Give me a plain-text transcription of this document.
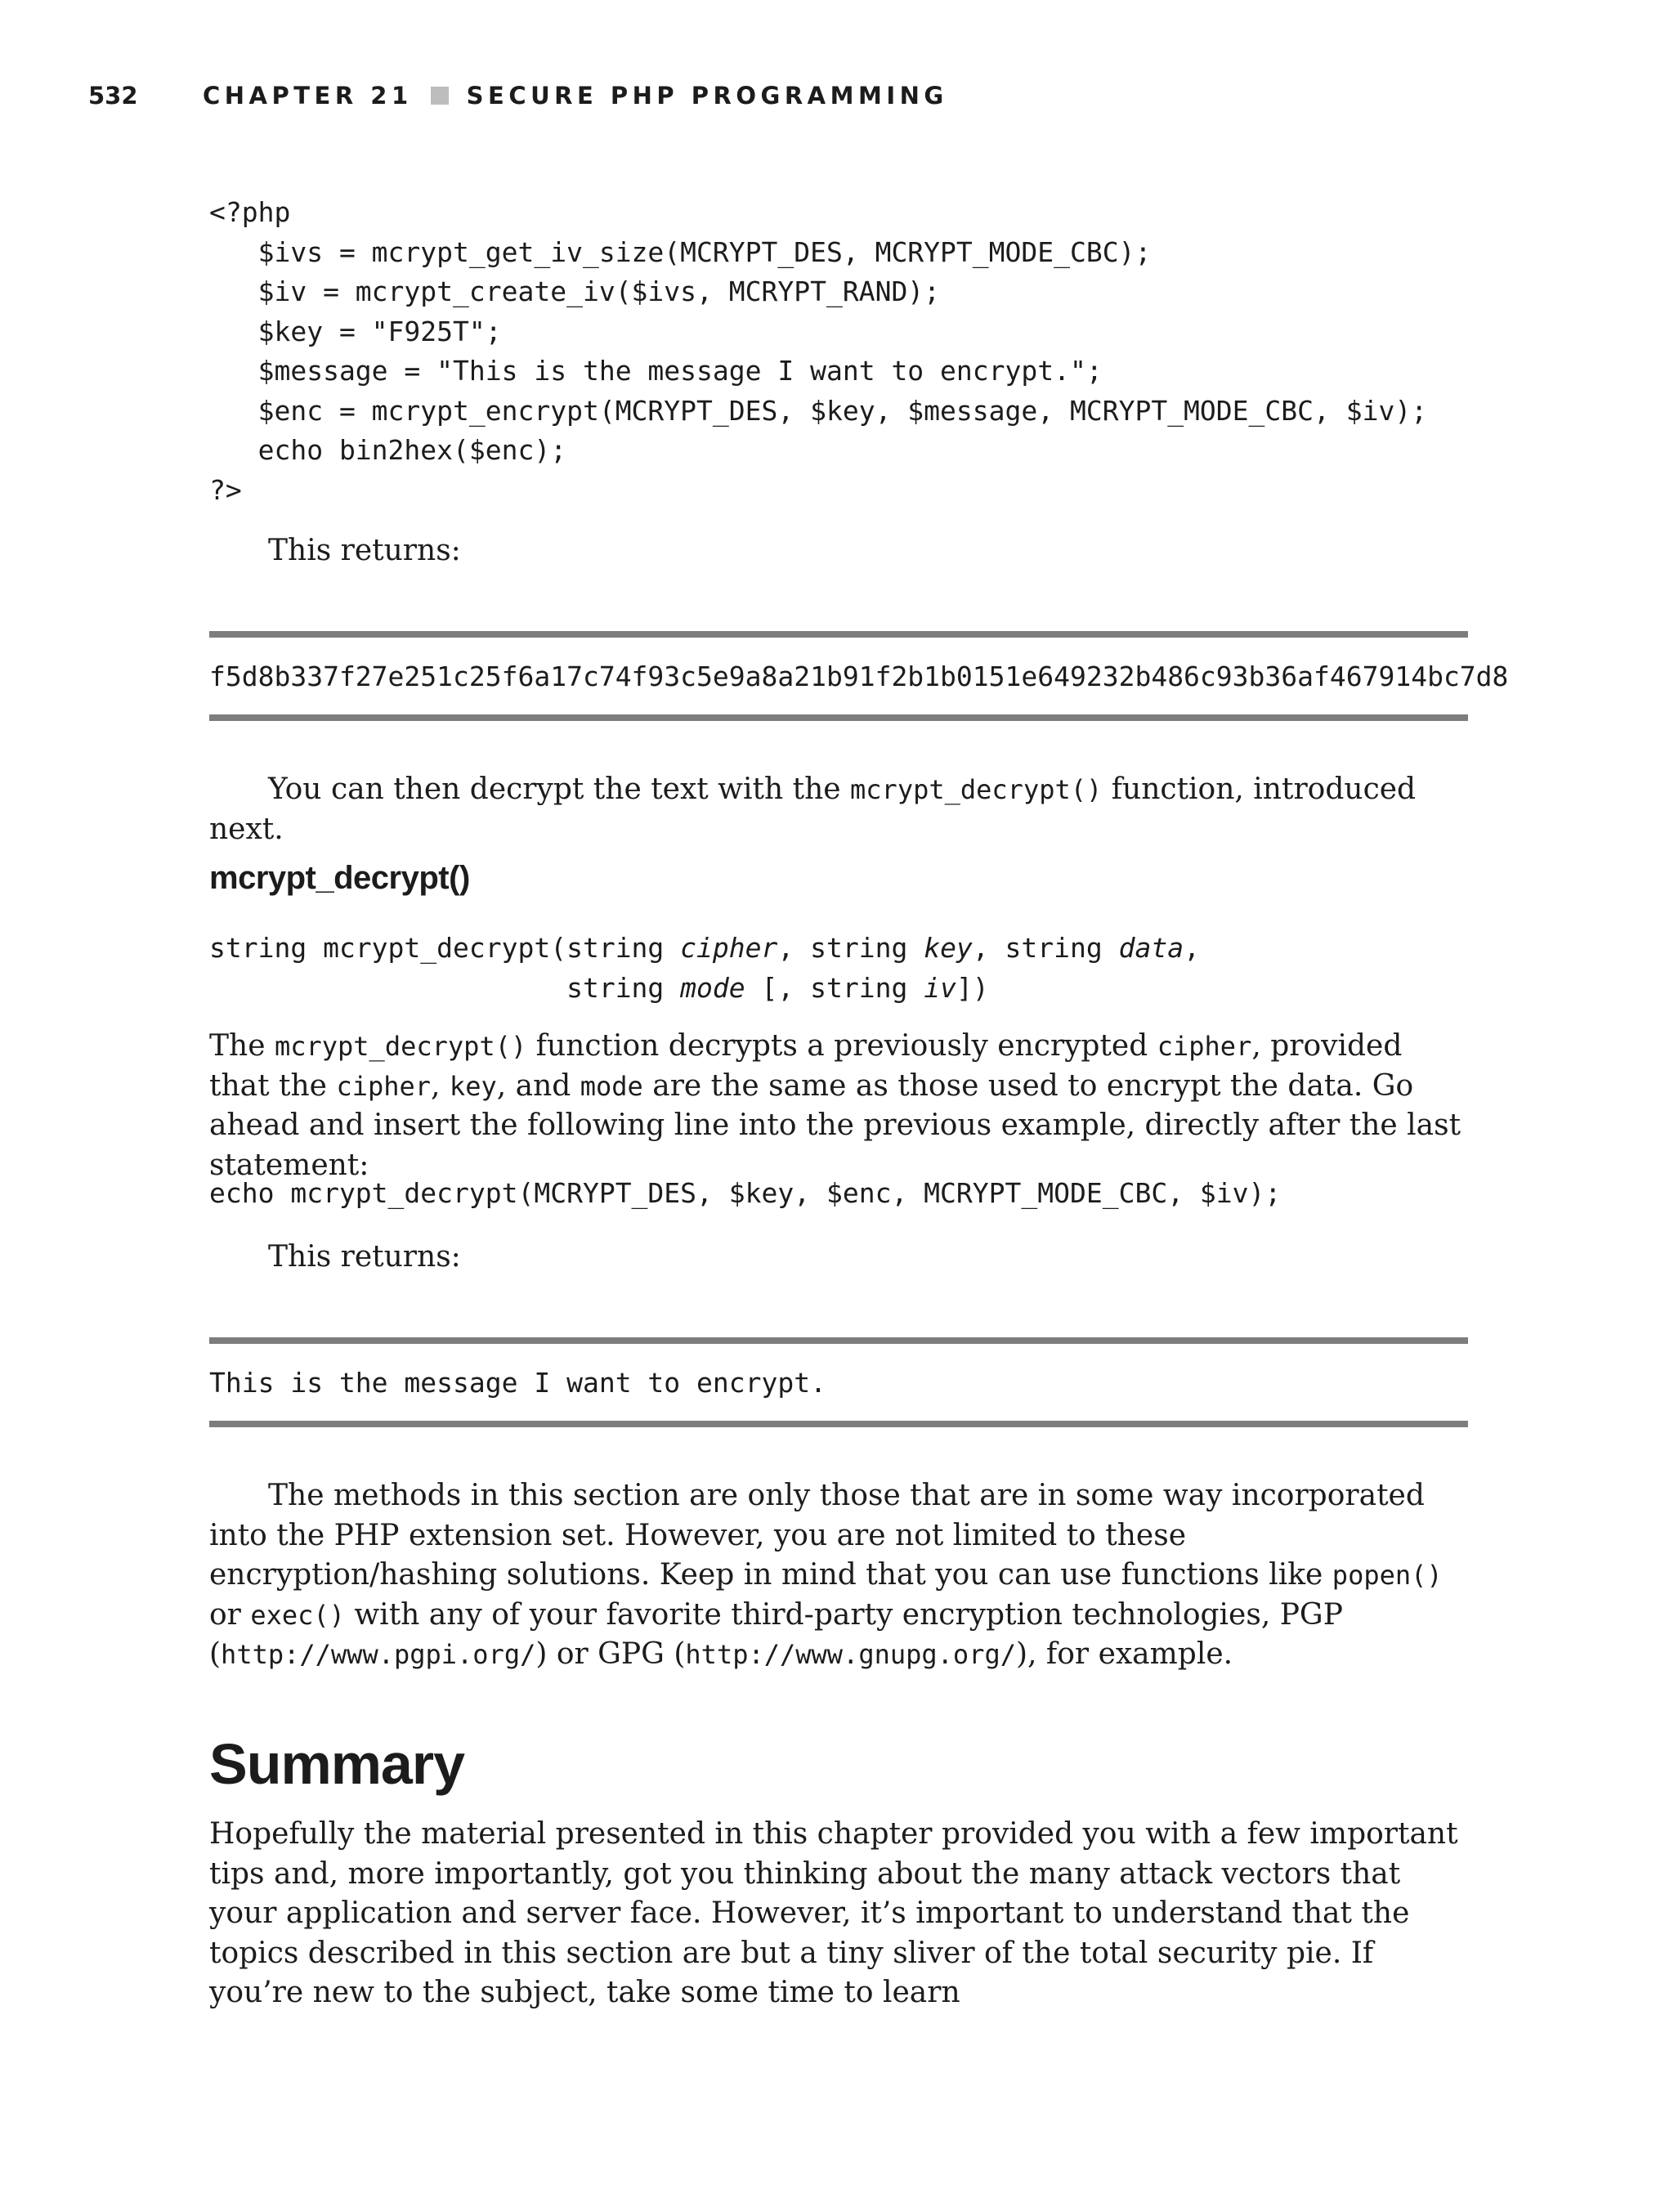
532	CHAPTER 21 SECURE PHP PROGRAMMING
<?php
$ivs = mcrypt_get_iv_size(MCRYPT_DES, MCRYPT_MODE_CBC);
$iv = mcrypt_create_iv($ivs, MCRYPT_RAND);
$key = "F925T";
$message = "This is the message I want to encrypt.";
$enc = mcrypt_encrypt(MCRYPT_DES, $key, $message, MCRYPT_MODE_CBC, $iv);
echo bin2hex($enc);
?>

This returns:

f5d8b337f27e251c25f6a17c74f93c5e9a8a21b91f2b1b0151e649232b486c93b36af467914bc7d8

You can then decrypt the text with the mcrypt_decrypt() function, introduced next.

mcrypt_decrypt()
string mcrypt_decrypt(string cipher, string key, string data,
string mode [, string iv])

The mcrypt_decrypt() function decrypts a previously encrypted cipher, provided that the cipher, key, and mode are the same as those used to encrypt the data. Go ahead and insert the following line into the previous example, directly after the last statement:

echo mcrypt_decrypt(MCRYPT_DES, $key, $enc, MCRYPT_MODE_CBC, $iv);

This returns:

This is the message I want to encrypt.

The methods in this section are only those that are in some way incorporated into the PHP extension set. However, you are not limited to these encryption/hashing solutions. Keep in mind that you can use functions like popen() or exec() with any of your favorite third-party encryption technologies, PGP (http://www.pgpi.org/) or GPG (http://www.gnupg.org/), for example.

Summary

Hopefully the material presented in this chapter provided you with a few important tips and, more importantly, got you thinking about the many attack vectors that your application and server face. However, it’s important to understand that the topics described in this section are but a tiny sliver of the total security pie. If you’re new to the subject, take some time to learn
